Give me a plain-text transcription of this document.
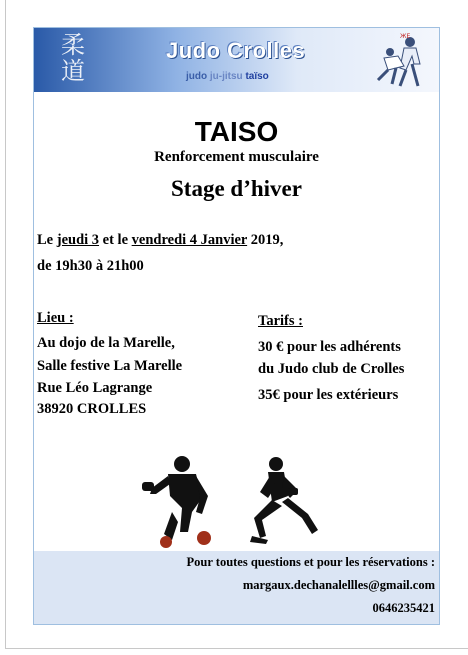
柔
道
Judo Crolles
judo ju-jitsu taïso
ЖЕ
TAISO
Renforcement musculaire
Stage d’hiver
Le jeudi 3 et le vendredi 4 Janvier 2019,
de 19h30 à 21h00
Lieu :
Au dojo de la Marelle,
Salle festive La Marelle
Rue Léo Lagrange
38920 CROLLES
Tarifs :
30 € pour les adhérents
du Judo club de Crolles
35€ pour les extérieurs
Pour toutes questions et pour les réservations :
margaux.dechanalellles@gmail.com
0646235421
